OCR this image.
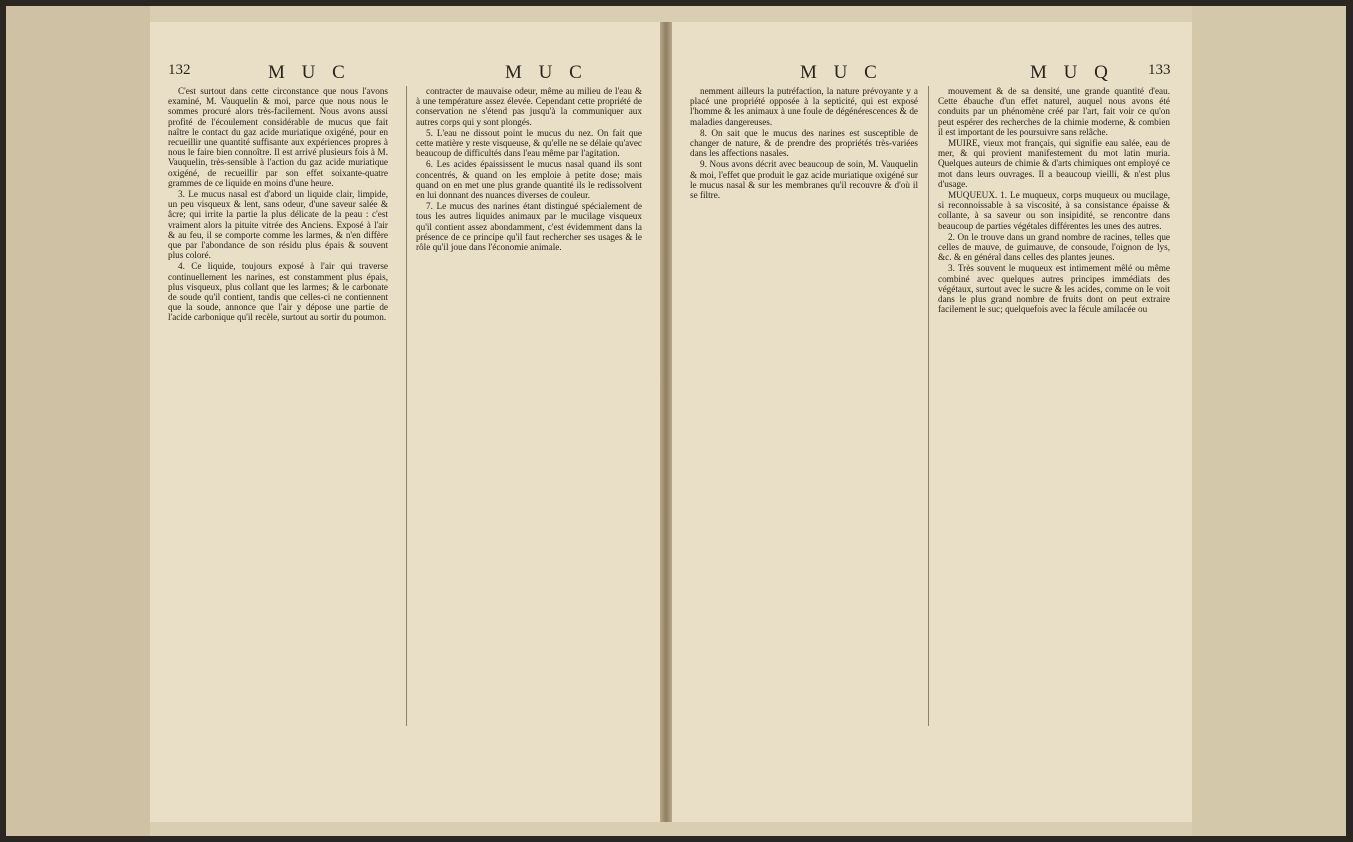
132	M U C	M U C	M U C	M U Q 133

C'est surtout dans cette circonstance que nous l'avons examiné, M. Vauquelin & moi, parce que nous nous le sommes procuré alors très-facilement. Nous avons aussi profité de l'écoulement considérable de mucus que fait naître le contact du gaz acide muriatique oxigéné, pour en recueillir une quantité suffisante aux expériences propres à nous le faire bien connoître. Il est arrivé plusieurs fois à M. Vauquelin, très-sensible à l'action du gaz acide muriatique oxigéné, de recueillir par son effet soixante-quatre grammes de ce liquide en moins d'une heure.

3. Le mucus nasal est d'abord un liquide clair, limpide, un peu visqueux & lent, sans odeur, d'une saveur salée & âcre; qui irrite la partie la plus délicate de la peau : c'est vraiment alors la pituite vitrée des Anciens. Exposé à l'air & au feu, il se comporte comme les larmes, & n'en diffère que par l'abondance de son résidu plus épais & souvent plus coloré.

4. Ce liquide, toujours exposé à l'air qui traverse continuellement les narines, est constamment plus épais, plus visqueux, plus collant que les larmes; & le carbonate de soude qu'il contient, tandis que celles-ci ne contiennent que la soude, annonce que l'air y dépose une partie de l'acide carbonique qu'il recèle, surtout au sortir du poumon.

contracter de mauvaise odeur, même au milieu de l'eau & à une température assez élevée. Cependant cette propriété de conservation ne s'étend pas jusqu'à la communiquer aux autres corps qui y sont plongés.

5. L'eau ne dissout point le mucus du nez. On fait que cette matière y reste visqueuse, & qu'elle ne se délaie qu'avec beaucoup de difficultés dans l'eau même par l'agitation.

6. Les acides épaississent le mucus nasal quand ils sont concentrés, & quand on les emploie à petite dose; mais quand on en met une plus grande quantité ils le redissolvent en lui donnant des nuances diverses de couleur.

7. Le mucus des narines étant distingué spécialement de tous les autres liquides animaux par le mucilage visqueux qu'il contient assez abondamment, c'est évidemment dans la présence de ce principe qu'il faut rechercher ses usages & le rôle qu'il joue dans l'économie animale.

nemment ailleurs la putréfaction, la nature prévoyante y a placé une propriété opposée à la septicité, qui est exposé l'homme & les animaux à une foule de dégénérescences & de maladies dangereuses.

8. On sait que le mucus des narines est susceptible de changer de nature, & de prendre des propriétés très-variées dans les affections nasales.

9. Nous avons décrit avec beaucoup de soin, M. Vauquelin & moi, l'effet que produit le gaz acide muriatique oxigéné sur le mucus nasal & sur les membranes qu'il recouvre & d'où il se filtre.

mouvement & de sa densité, une grande quantité d'eau. Cette ébauche d'un effet naturel, auquel nous avons été conduits par un phénomène créé par l'art, fait voir ce qu'on peut espérer des recherches de la chimie moderne, & combien il est important de les poursuivre sans relâche.

MUIRE, vieux mot français, qui signifie eau salée, eau de mer, & qui provient manifestement du mot latin muria. Quelques auteurs de chimie & d'arts chimiques ont employé ce mot dans leurs ouvrages. Il a beaucoup vieilli, & n'est plus d'usage.

MUQUEUX. 1. Le muqueux, corps muqueux ou mucilage, si reconnoissable à sa viscosité, à sa consistance épaisse & collante, à sa saveur ou son insipidité, se rencontre dans beaucoup de parties végétales différentes les unes des autres.

2. On le trouve dans un grand nombre de racines, telles que celles de mauve, de guimauve, de consoude, l'oignon de lys, &c. & en général dans celles des plantes jeunes.

3. Très souvent le muqueux est intimement mêlé ou même combiné avec quelques autres principes immédiats des végétaux, surtout avec le sucre & les acides, comme on le voit dans le plus grand nombre de fruits dont on peut extraire facilement le suc; quelquefois avec la fécule amilacée ou
